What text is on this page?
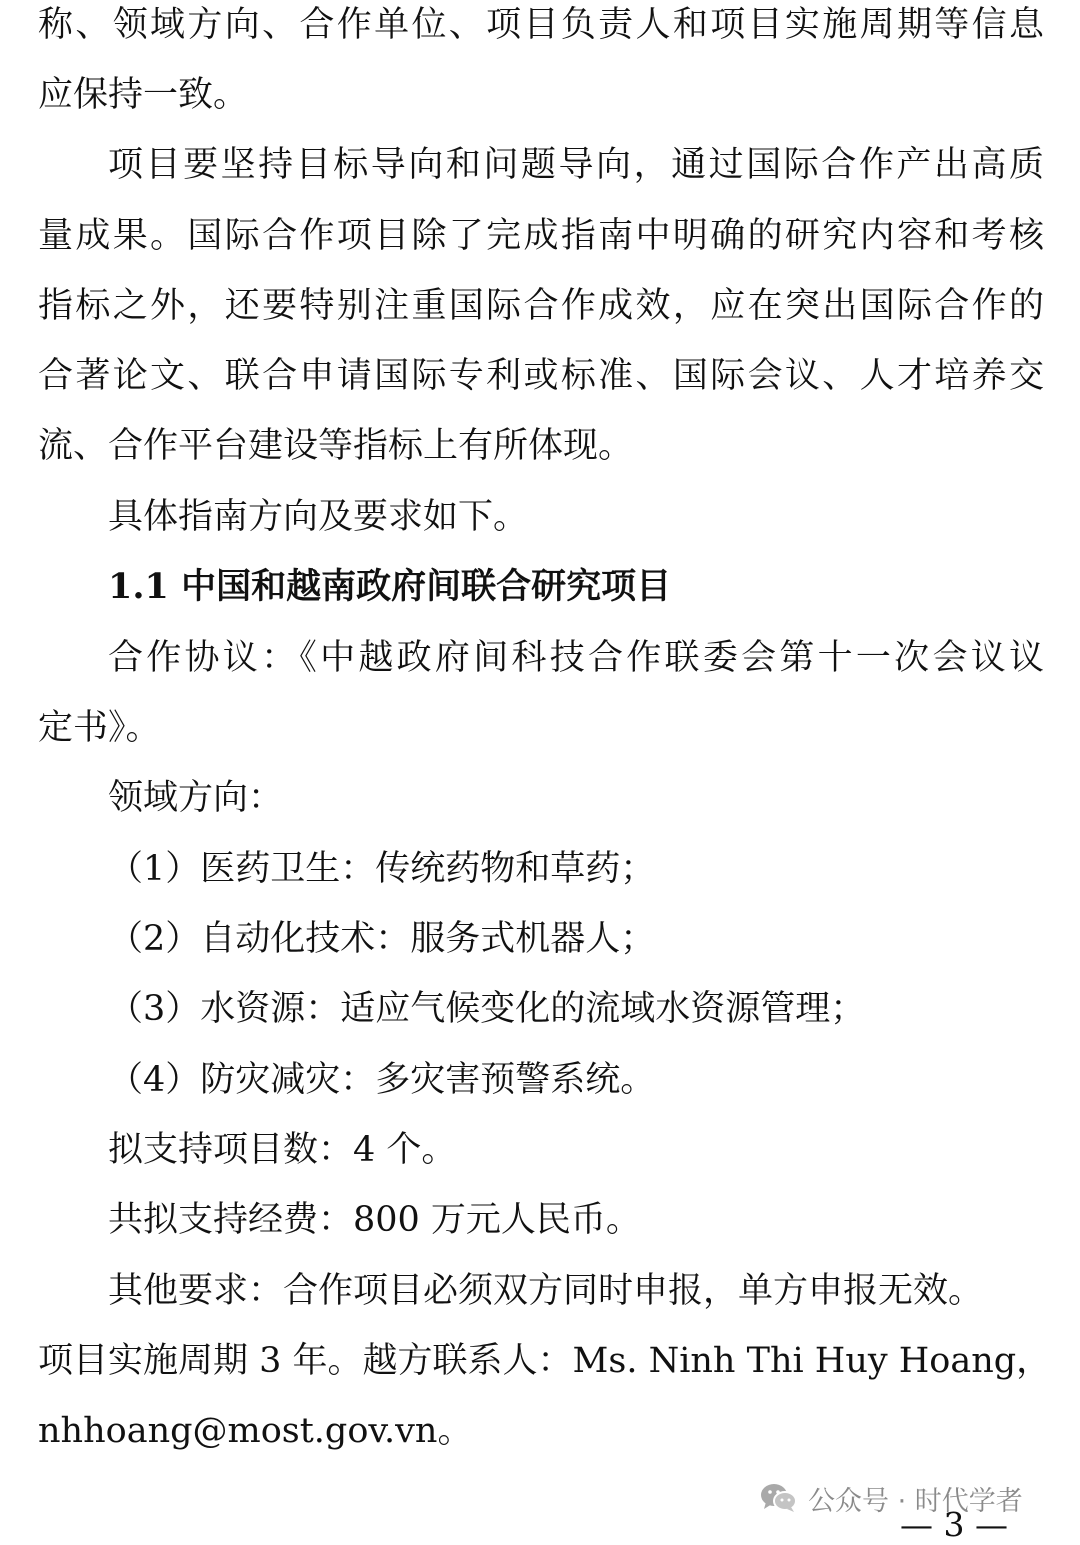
称、领域方向、合作单位、项目负责人和项目实施周期等信息
应保持一致。
项目要坚持目标导向和问题导向，通过国际合作产出高质
量成果。国际合作项目除了完成指南中明确的研究内容和考核
指标之外，还要特别注重国际合作成效，应在突出国际合作的
合著论文、联合申请国际专利或标准、国际会议、人才培养交
流、合作平台建设等指标上有所体现。
具体指南方向及要求如下。
1.1 中国和越南政府间联合研究项目
合作协议：《中越政府间科技合作联委会第十一次会议议
定书》。
领域方向：
（1）医药卫生：传统药物和草药；
（2）自动化技术：服务式机器人；
（3）水资源：适应气候变化的流域水资源管理；
（4）防灾减灾：多灾害预警系统。
拟支持项目数：4 个。
共拟支持经费：800 万元人民币。
其他要求：合作项目必须双方同时申报，单方申报无效。
项目实施周期 3 年。越方联系人：Ms. Ninh Thi Huy Hoang，
nhhoang@most.gov.vn。
公众号 · 时代学者
— 3 —
